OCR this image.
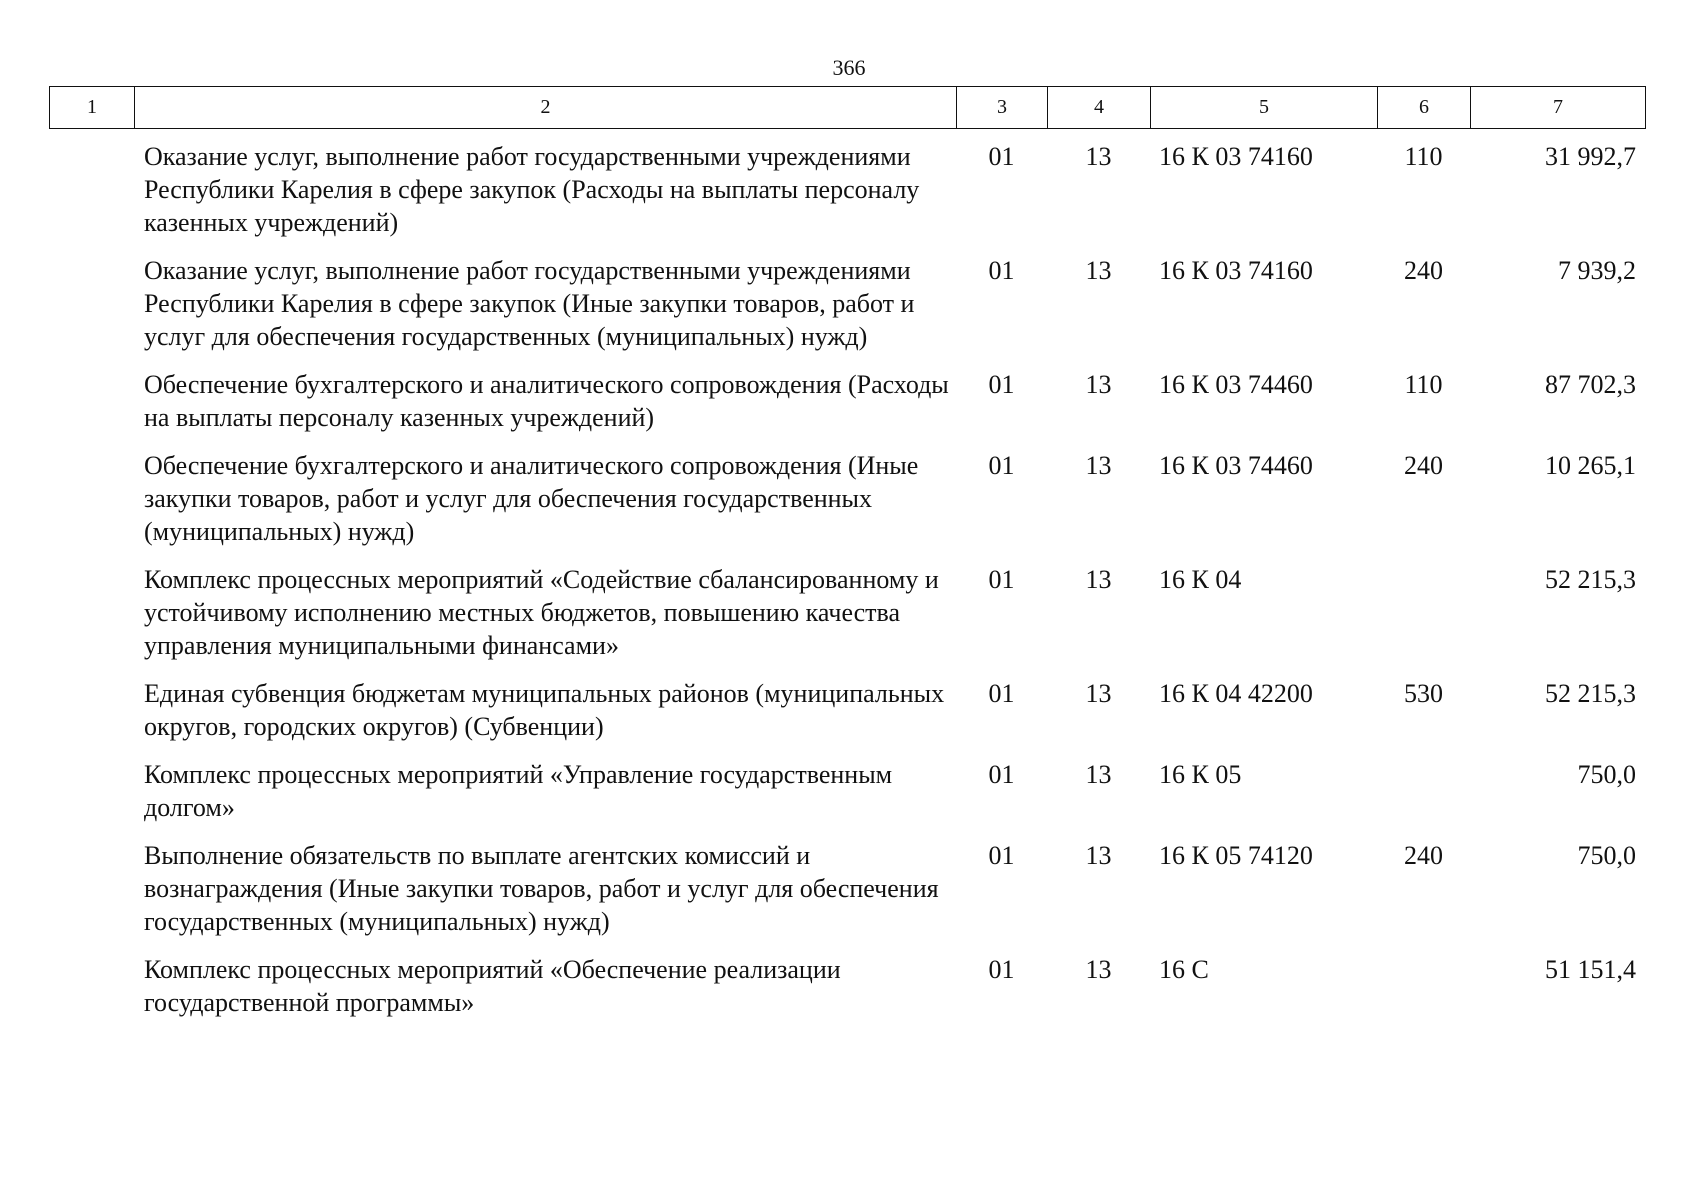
366
1	2	3	4	5	6	7
Оказание услуг, выполнение работ государственными учреждениями Республики Карелия в сфере закупок (Расходы на выплаты персоналу казенных учреждений)	01	13	16 К 03 74160	110	31 992,7
Оказание услуг, выполнение работ государственными учреждениями Республики Карелия в сфере закупок (Иные закупки товаров, работ и услуг для обеспечения государственных (муниципальных) нужд)	01	13	16 К 03 74160	240	7 939,2
Обеспечение бухгалтерского и аналитического сопровождения (Расходы на выплаты персоналу казенных учреждений)	01	13	16 К 03 74460	110	87 702,3
Обеспечение бухгалтерского и аналитического сопровождения (Иные закупки товаров, работ и услуг для обеспечения государственных (муниципальных) нужд)	01	13	16 К 03 74460	240	10 265,1
Комплекс процессных мероприятий «Содействие сбалансированному и устойчивому исполнению местных бюджетов, повышению качества управления муниципальными финансами»	01	13	16 К 04		52 215,3
Единая субвенция бюджетам муниципальных районов (муниципальных округов, городских округов) (Субвенции)	01	13	16 К 04 42200	530	52 215,3
Комплекс процессных мероприятий «Управление государственным долгом»	01	13	16 К 05		750,0
Выполнение обязательств по выплате агентских комиссий и вознаграждения (Иные закупки товаров, работ и услуг для обеспечения государственных (муниципальных) нужд)	01	13	16 К 05 74120	240	750,0
Комплекс процессных мероприятий «Обеспечение реализации государственной программы»	01	13	16 С		51 151,4
